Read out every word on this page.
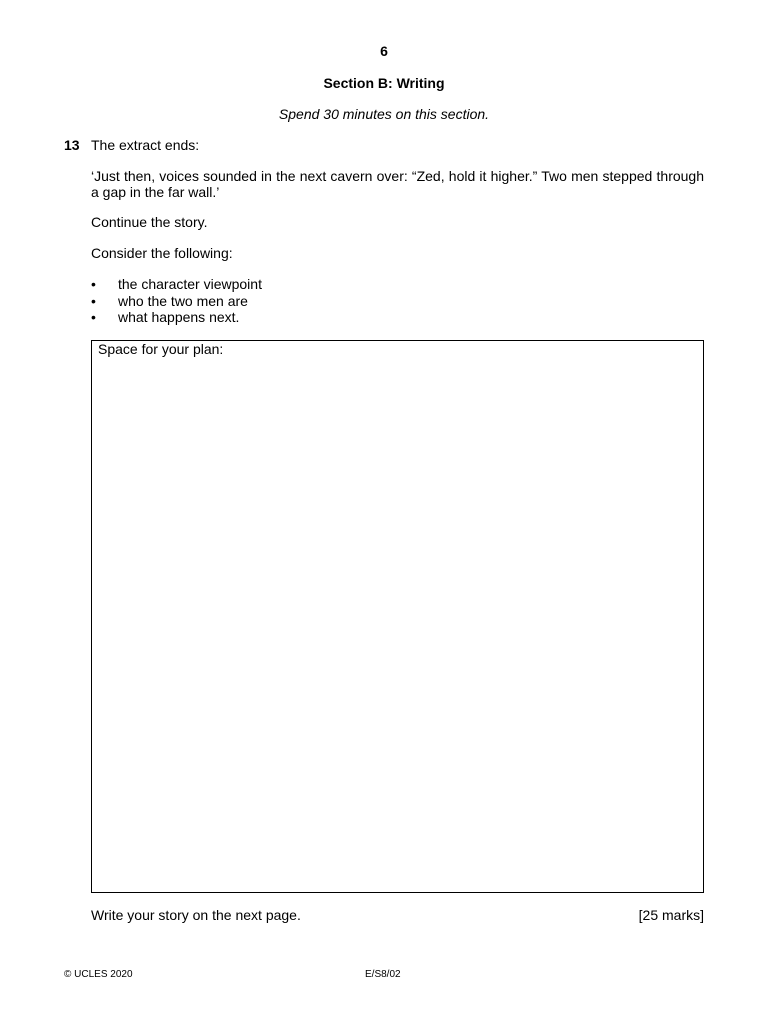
6
Section B: Writing
Spend 30 minutes on this section.
13 The extract ends:
‘Just then, voices sounded in the next cavern over: “Zed, hold it higher.” Two men stepped through a gap in the far wall.’
Continue the story.
Consider the following:
• the character viewpoint
• who the two men are
• what happens next.
Space for your plan:
Write your story on the next page.	[25 marks]
© UCLES 2020	E/S8/02
